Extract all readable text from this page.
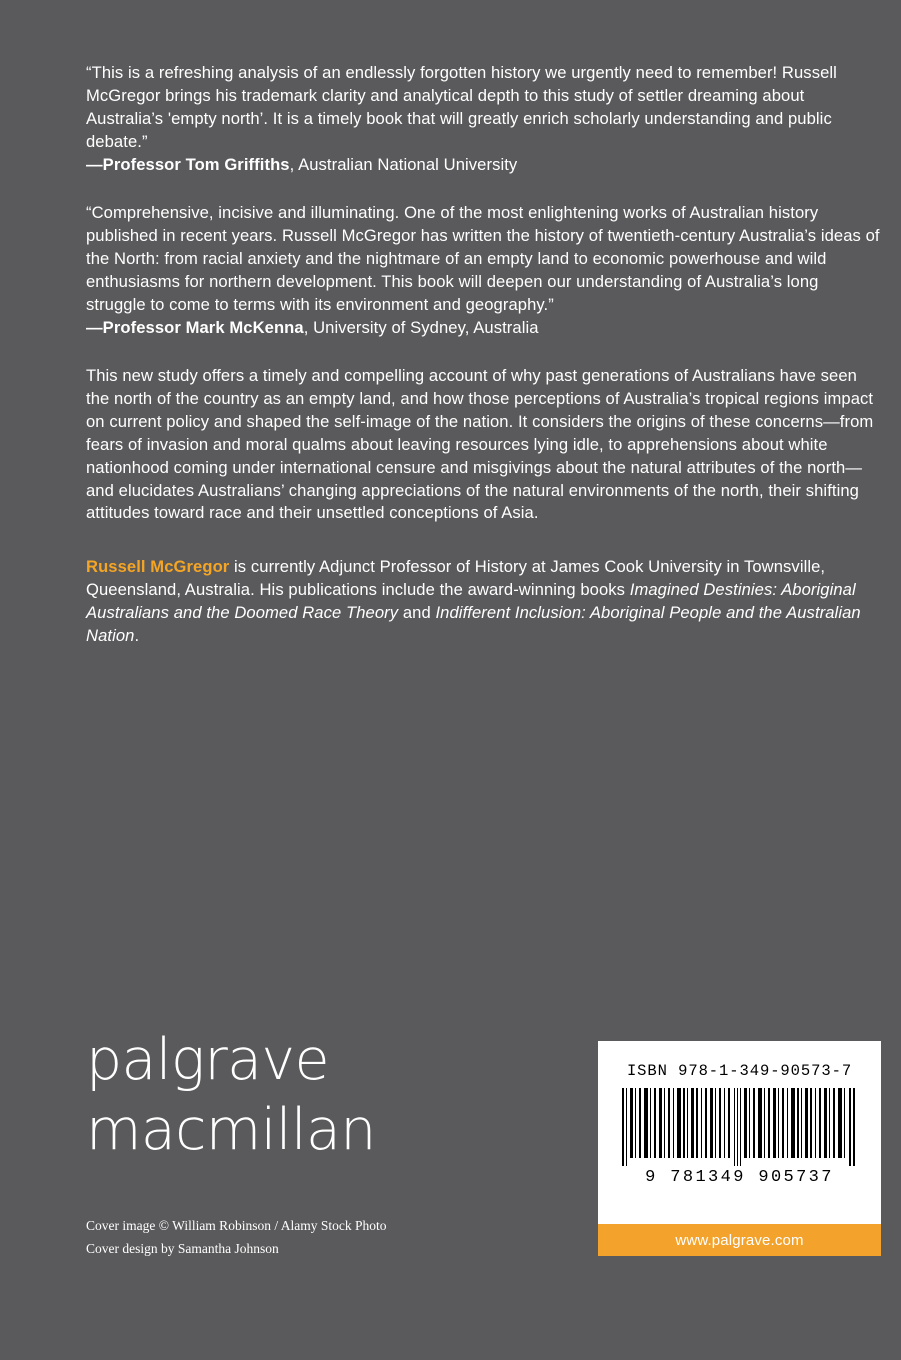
“This is a refreshing analysis of an endlessly forgotten history we urgently need to remember! Russell McGregor brings his trademark clarity and analytical depth to this study of settler dreaming about Australia’s 'empty north’. It is a timely book that will greatly enrich scholarly understanding and public debate.”

—Professor Tom Griffiths, Australian National University

“Comprehensive, incisive and illuminating. One of the most enlightening works of Australian history published in recent years. Russell McGregor has written the history of twentieth-century Australia’s ideas of the North: from racial anxiety and the nightmare of an empty land to economic powerhouse and wild enthusiasms for northern development. This book will deepen our understanding of Australia’s long struggle to come to terms with its environment and geography.”

—Professor Mark McKenna, University of Sydney, Australia

This new study offers a timely and compelling account of why past generations of Australians have seen the north of the country as an empty land, and how those perceptions of Australia’s tropical regions impact on current policy and shaped the self-image of the nation. It considers the origins of these concerns—from fears of invasion and moral qualms about leaving resources lying idle, to apprehensions about white nationhood coming under international censure and misgivings about the natural attributes of the north—and elucidates Australians’ changing appreciations of the natural environments of the north, their shifting attitudes toward race and their unsettled conceptions of Asia.

Russell McGregor is currently Adjunct Professor of History at James Cook University in Townsville, Queensland, Australia. His publications include the award-winning books Imagined Destinies: Aboriginal Australians and the Doomed Race Theory and Indifferent Inclusion: Aboriginal People and the Australian Nation.
palgrave
macmillan
Cover image © William Robinson / Alamy Stock Photo
Cover design by Samantha Johnson
ISBN 978-1-349-90573-7
9 781349 905737
www.palgrave.com
